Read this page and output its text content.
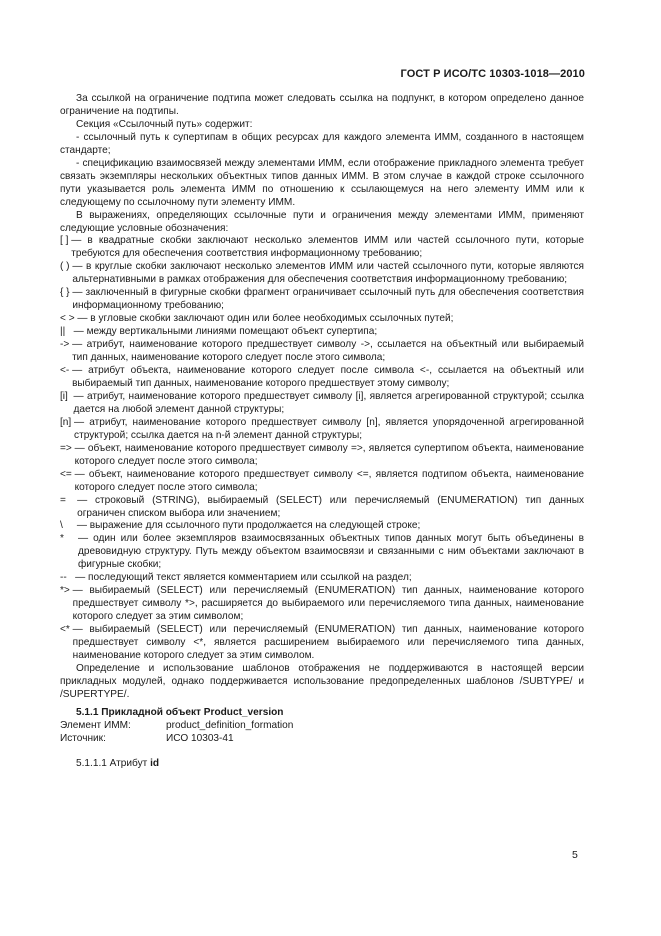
ГОСТ Р ИСО/ТС 10303-1018—2010

За ссылкой на ограничение подтипа может следовать ссылка на подпункт, в котором определено данное ограничение на подтипы.

Секция «Ссылочный путь» содержит:

- ссылочный путь к супертипам в общих ресурсах для каждого элемента ИММ, созданного в настоящем стандарте;

- спецификацию взаимосвязей между элементами ИММ, если отображение прикладного элемента требует связать экземпляры нескольких объектных типов данных ИММ. В этом случае в каждой строке ссылочного пути указывается роль элемента ИММ по отношению к ссылающемуся на него элементу ИММ или к следующему по ссылочному пути элементу ИММ.

В выражениях, определяющих ссылочные пути и ограничения между элементами ИММ, применяют следующие условные обозначения:

[ ] — в квадратные скобки заключают несколько элементов ИММ или частей ссылочного пути, которые требуются для обеспечения соответствия информационному требованию;
( ) — в круглые скобки заключают несколько элементов ИММ или частей ссылочного пути, которые являются альтернативными в рамках отображения для обеспечения соответствия информационному требованию;
{ } — заключенный в фигурные скобки фрагмент ограничивает ссылочный путь для обеспечения соответствия информационному требованию;
< > — в угловые скобки заключают один или более необходимых ссылочных путей;
|| — между вертикальными линиями помещают объект супертипа;
-> — атрибут, наименование которого предшествует символу ->, ссылается на объектный или выбираемый тип данных, наименование которого следует после этого символа;
<- — атрибут объекта, наименование которого следует после символа <-, ссылается на объектный или выбираемый тип данных, наименование которого предшествует этому символу;
[i] — атрибут, наименование которого предшествует символу [i], является агрегированной структурой; ссылка дается на любой элемент данной структуры;
[n] — атрибут, наименование которого предшествует символу [n], является упорядоченной агрегированной структурой; ссылка дается на n-й элемент данной структуры;
=> — объект, наименование которого предшествует символу =>, является супертипом объекта, наименование которого следует после этого символа;
<= — объект, наименование которого предшествует символу <=, является подтипом объекта, наименование которого следует после этого символа;
= — строковый (STRING), выбираемый (SELECT) или перечисляемый (ENUMERATION) тип данных ограничен списком выбора или значением;
\ — выражение для ссылочного пути продолжается на следующей строке;
* — один или более экземпляров взаимосвязанных объектных типов данных могут быть объединены в древовидную структуру. Путь между объектом взаимосвязи и связанными с ним объектами заключают в фигурные скобки;
-- — последующий текст является комментарием или ссылкой на раздел;
*> — выбираемый (SELECT) или перечисляемый (ENUMERATION) тип данных, наименование которого предшествует символу *>, расширяется до выбираемого или перечисляемого типа данных, наименование которого следует за этим символом;
<* — выбираемый (SELECT) или перечисляемый (ENUMERATION) тип данных, наименование которого предшествует символу <*, является расширением выбираемого или перечисляемого типа данных, наименование которого следует за этим символом.

Определение и использование шаблонов отображения не поддерживаются в настоящей версии прикладных модулей, однако поддерживается использование предопределенных шаблонов /SUBTYPE/ и /SUPERTYPE/.

5.1.1 Прикладной объект Product_version

Элемент ИММ:	product_definition_formation
Источник:	ИСО 10303-41

5.1.1.1 Атрибут id

5
